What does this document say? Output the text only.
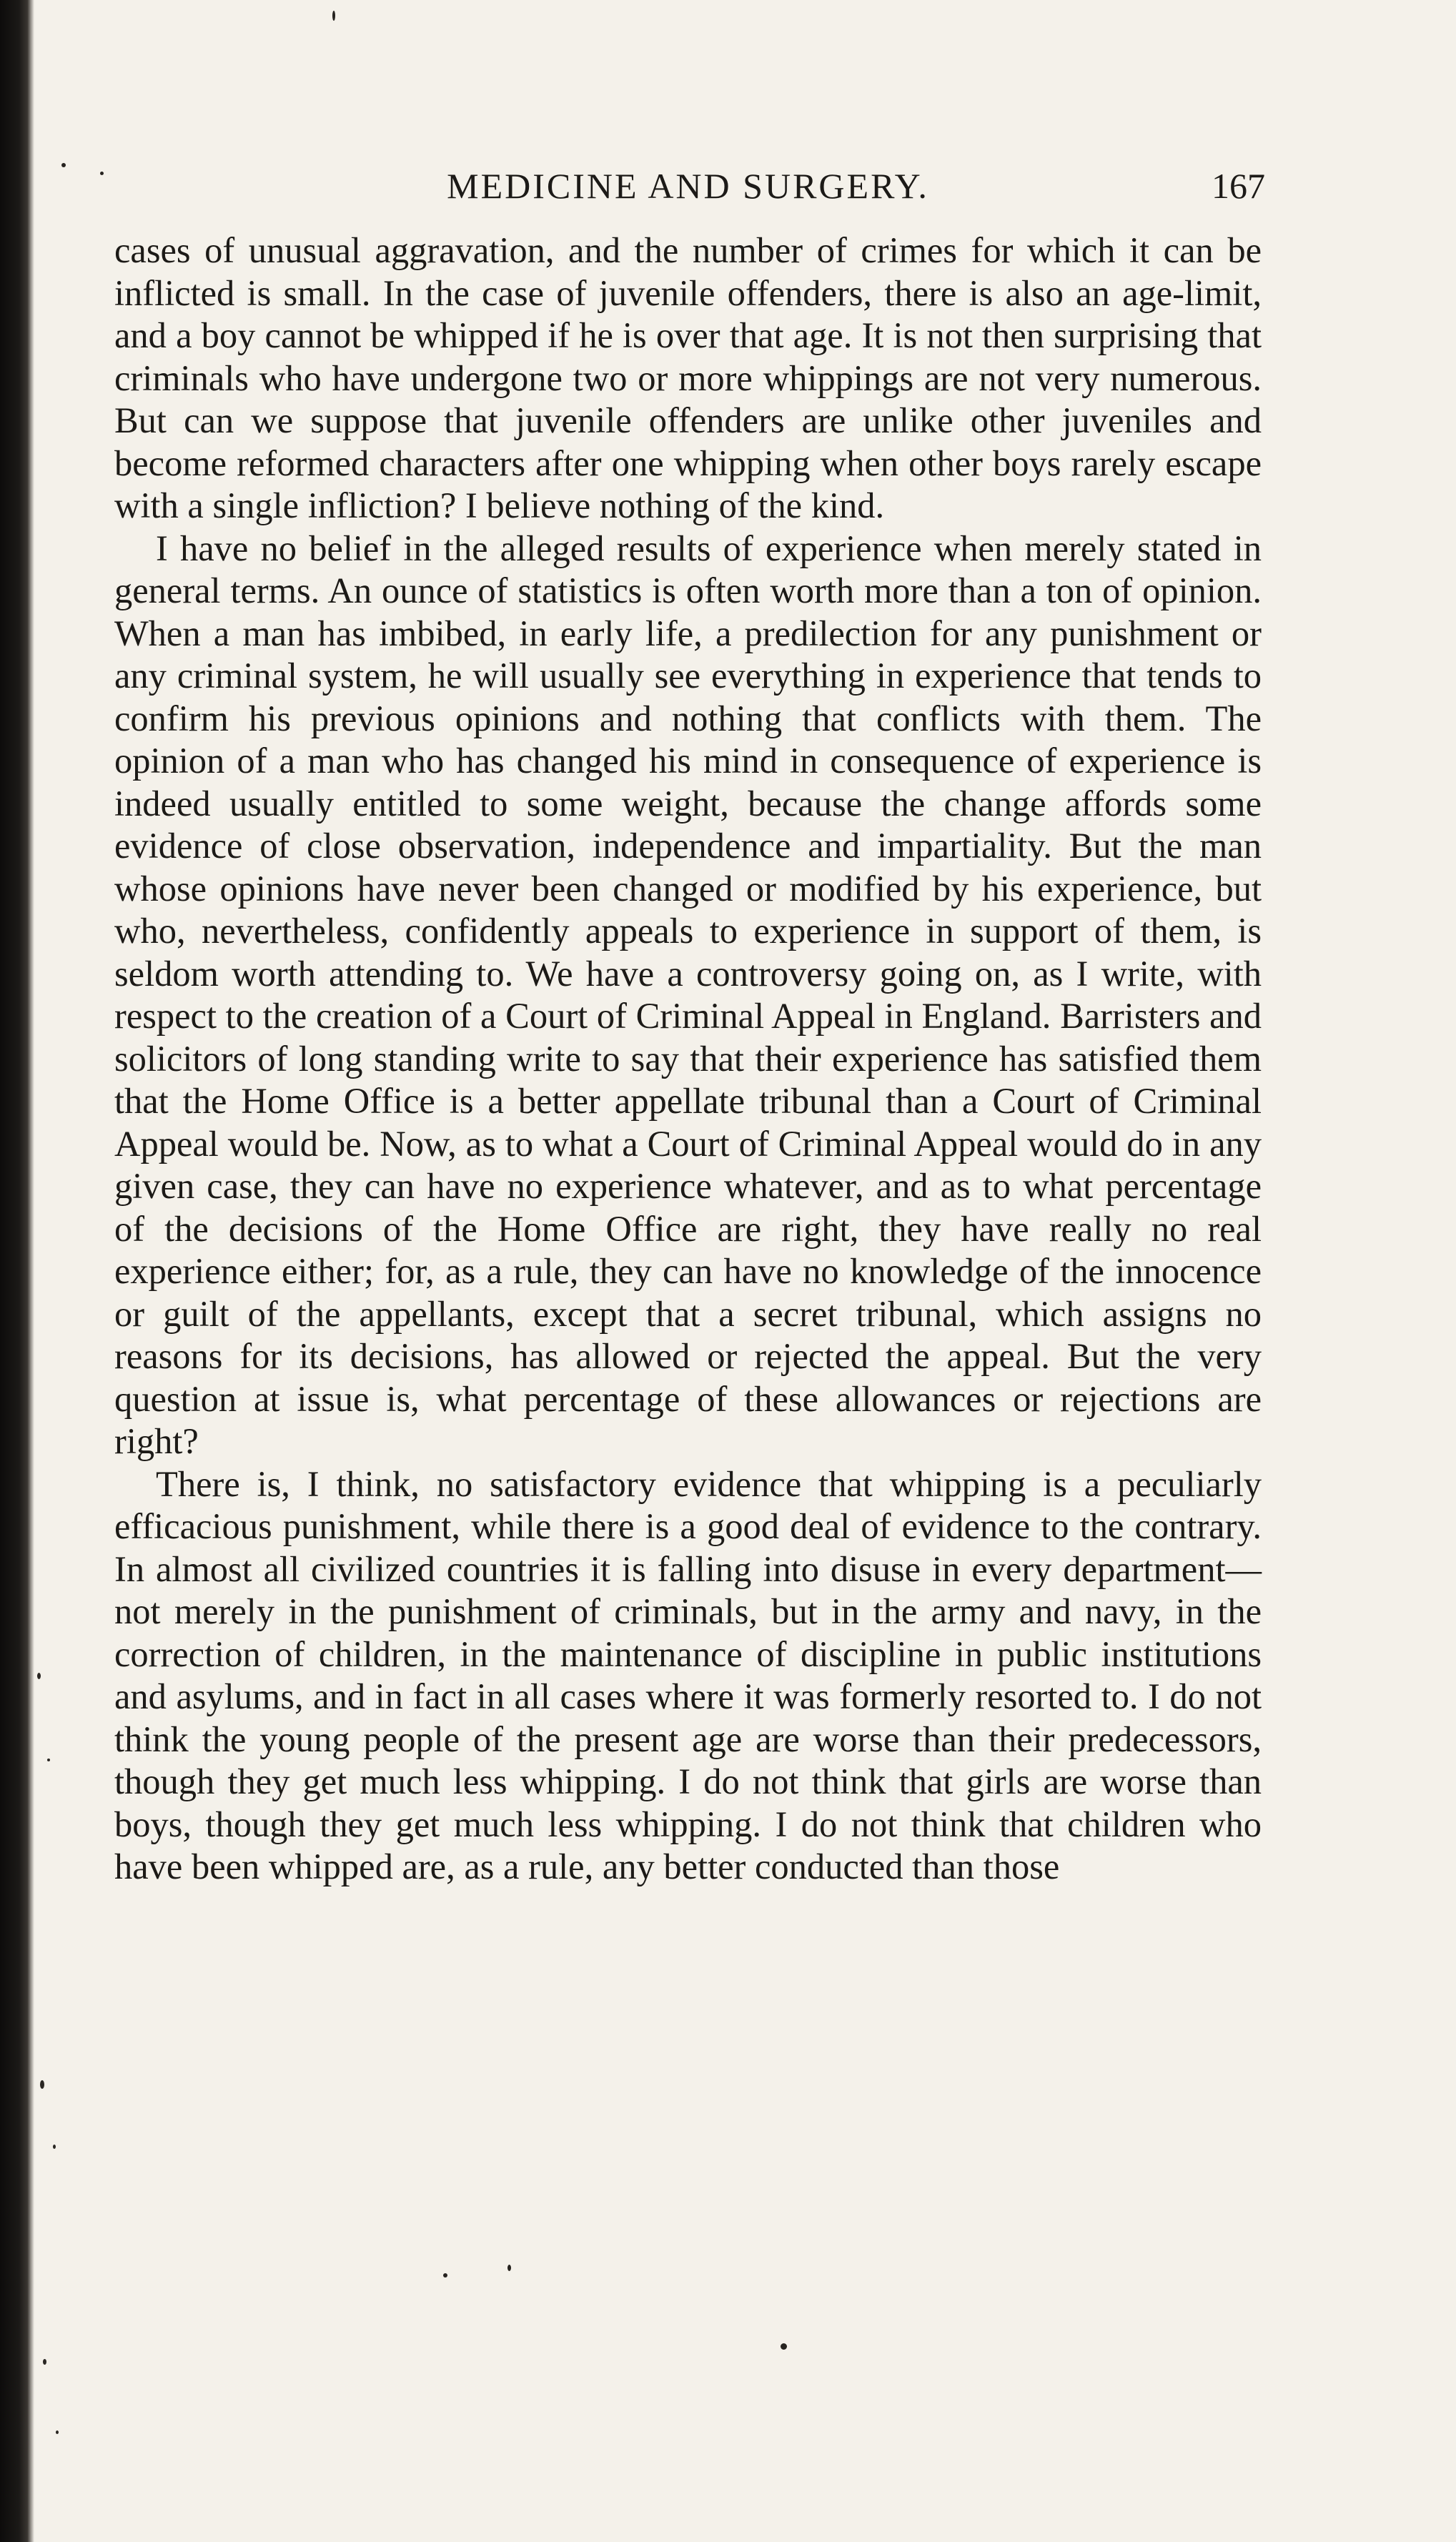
MEDICINE AND SURGERY.	167

cases of unusual aggravation, and the number of crimes for which it can be inflicted is small. In the case of juvenile offenders, there is also an age-limit, and a boy cannot be whipped if he is over that age. It is not then surprising that criminals who have undergone two or more whippings are not very numerous. But can we suppose that juvenile offenders are unlike other juveniles and become reformed characters after one whipping when other boys rarely escape with a single infliction? I believe nothing of the kind.

I have no belief in the alleged results of experience when merely stated in general terms. An ounce of statistics is often worth more than a ton of opinion. When a man has imbibed, in early life, a predilection for any punishment or any criminal system, he will usually see everything in experience that tends to confirm his previous opinions and nothing that conflicts with them. The opinion of a man who has changed his mind in consequence of experience is indeed usually entitled to some weight, because the change affords some evidence of close observation, independence and impartiality. But the man whose opinions have never been changed or modified by his experience, but who, nevertheless, confidently appeals to experience in support of them, is seldom worth attending to. We have a controversy going on, as I write, with respect to the creation of a Court of Criminal Appeal in England. Barristers and solicitors of long standing write to say that their experience has satisfied them that the Home Office is a better appellate tribunal than a Court of Criminal Appeal would be. Now, as to what a Court of Criminal Appeal would do in any given case, they can have no experience whatever, and as to what percentage of the decisions of the Home Office are right, they have really no real experience either; for, as a rule, they can have no knowledge of the innocence or guilt of the appellants, except that a secret tribunal, which assigns no reasons for its decisions, has allowed or rejected the appeal. But the very question at issue is, what percentage of these allowances or rejections are right?

There is, I think, no satisfactory evidence that whipping is a peculiarly efficacious punishment, while there is a good deal of evidence to the contrary. In almost all civilized countries it is falling into disuse in every department—not merely in the punishment of criminals, but in the army and navy, in the correction of children, in the maintenance of discipline in public institutions and asylums, and in fact in all cases where it was formerly resorted to. I do not think the young people of the present age are worse than their predecessors, though they get much less whipping. I do not think that girls are worse than boys, though they get much less whipping. I do not think that children who have been whipped are, as a rule, any better conducted than those
